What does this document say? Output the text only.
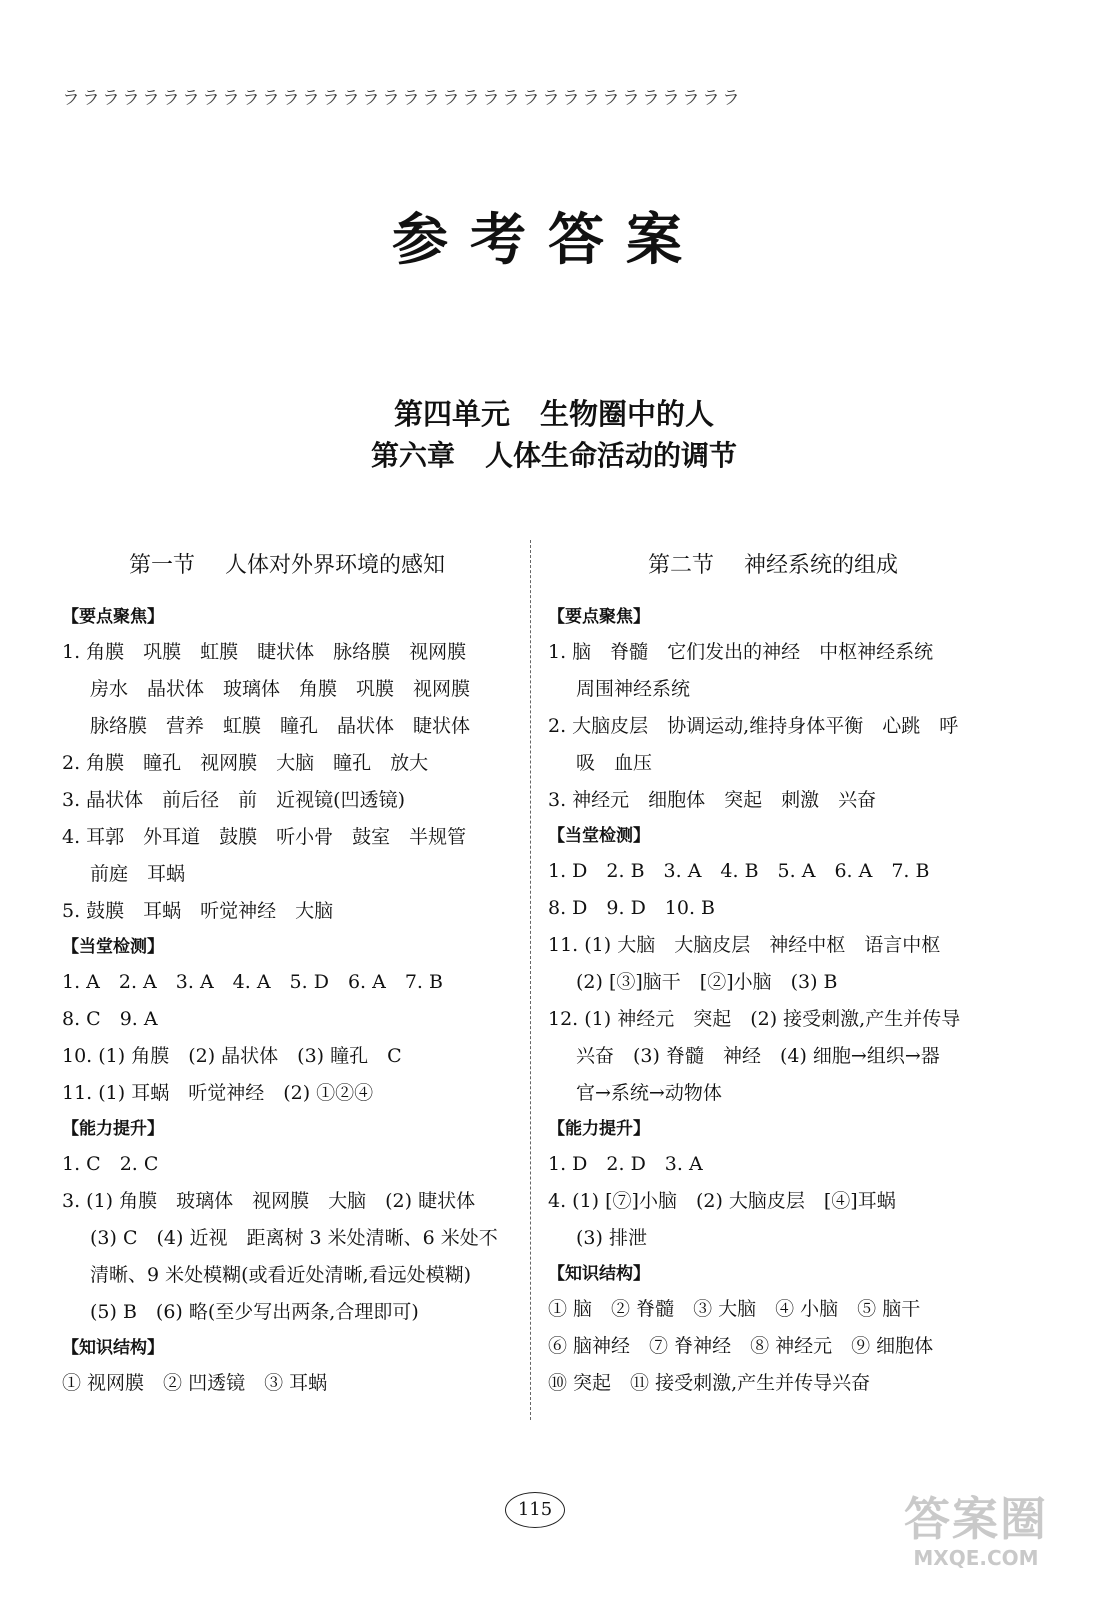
ララララララララララララララララララララララララララララララララララ
参考答案
第四单元 生物圈中的人
第六章 人体生命活动的调节
第一节 人体对外界环境的感知
【要点聚焦】
1. 角膜　巩膜　虹膜　睫状体　脉络膜　视网膜
房水　晶状体　玻璃体　角膜　巩膜　视网膜
脉络膜　营养　虹膜　瞳孔　晶状体　睫状体
2. 角膜　瞳孔　视网膜　大脑　瞳孔　放大
3. 晶状体　前后径　前　近视镜(凹透镜)
4. 耳郭　外耳道　鼓膜　听小骨　鼓室　半规管
前庭　耳蜗
5. 鼓膜　耳蜗　听觉神经　大脑
【当堂检测】
1. A　2. A　3. A　4. A　5. D　6. A　7. B
8. C　9. A
10. (1) 角膜　(2) 晶状体　(3) 瞳孔　C
11. (1) 耳蜗　听觉神经　(2) ①②④
【能力提升】
1. C　2. C
3. (1) 角膜　玻璃体　视网膜　大脑　(2) 睫状体
(3) C　(4) 近视　距离树 3 米处清晰、6 米处不
清晰、9 米处模糊(或看近处清晰,看远处模糊)
(5) B　(6) 略(至少写出两条,合理即可)
【知识结构】
① 视网膜　② 凹透镜　③ 耳蜗
第二节 神经系统的组成
【要点聚焦】
1. 脑　脊髓　它们发出的神经　中枢神经系统
周围神经系统
2. 大脑皮层　协调运动,维持身体平衡　心跳　呼
吸　血压
3. 神经元　细胞体　突起　刺激　兴奋
【当堂检测】
1. D　2. B　3. A　4. B　5. A　6. A　7. B
8. D　9. D　10. B
11. (1) 大脑　大脑皮层　神经中枢　语言中枢
(2) [③]脑干　[②]小脑　(3) B
12. (1) 神经元　突起　(2) 接受刺激,产生并传导
兴奋　(3) 脊髓　神经　(4) 细胞→组织→器
官→系统→动物体
【能力提升】
1. D　2. D　3. A
4. (1) [⑦]小脑　(2) 大脑皮层　[④]耳蜗
(3) 排泄
【知识结构】
① 脑　② 脊髓　③ 大脑　④ 小脑　⑤ 脑干
⑥ 脑神经　⑦ 脊神经　⑧ 神经元　⑨ 细胞体
⑩ 突起　⑪ 接受刺激,产生并传导兴奋
115	答案圈
MXQE.COM
